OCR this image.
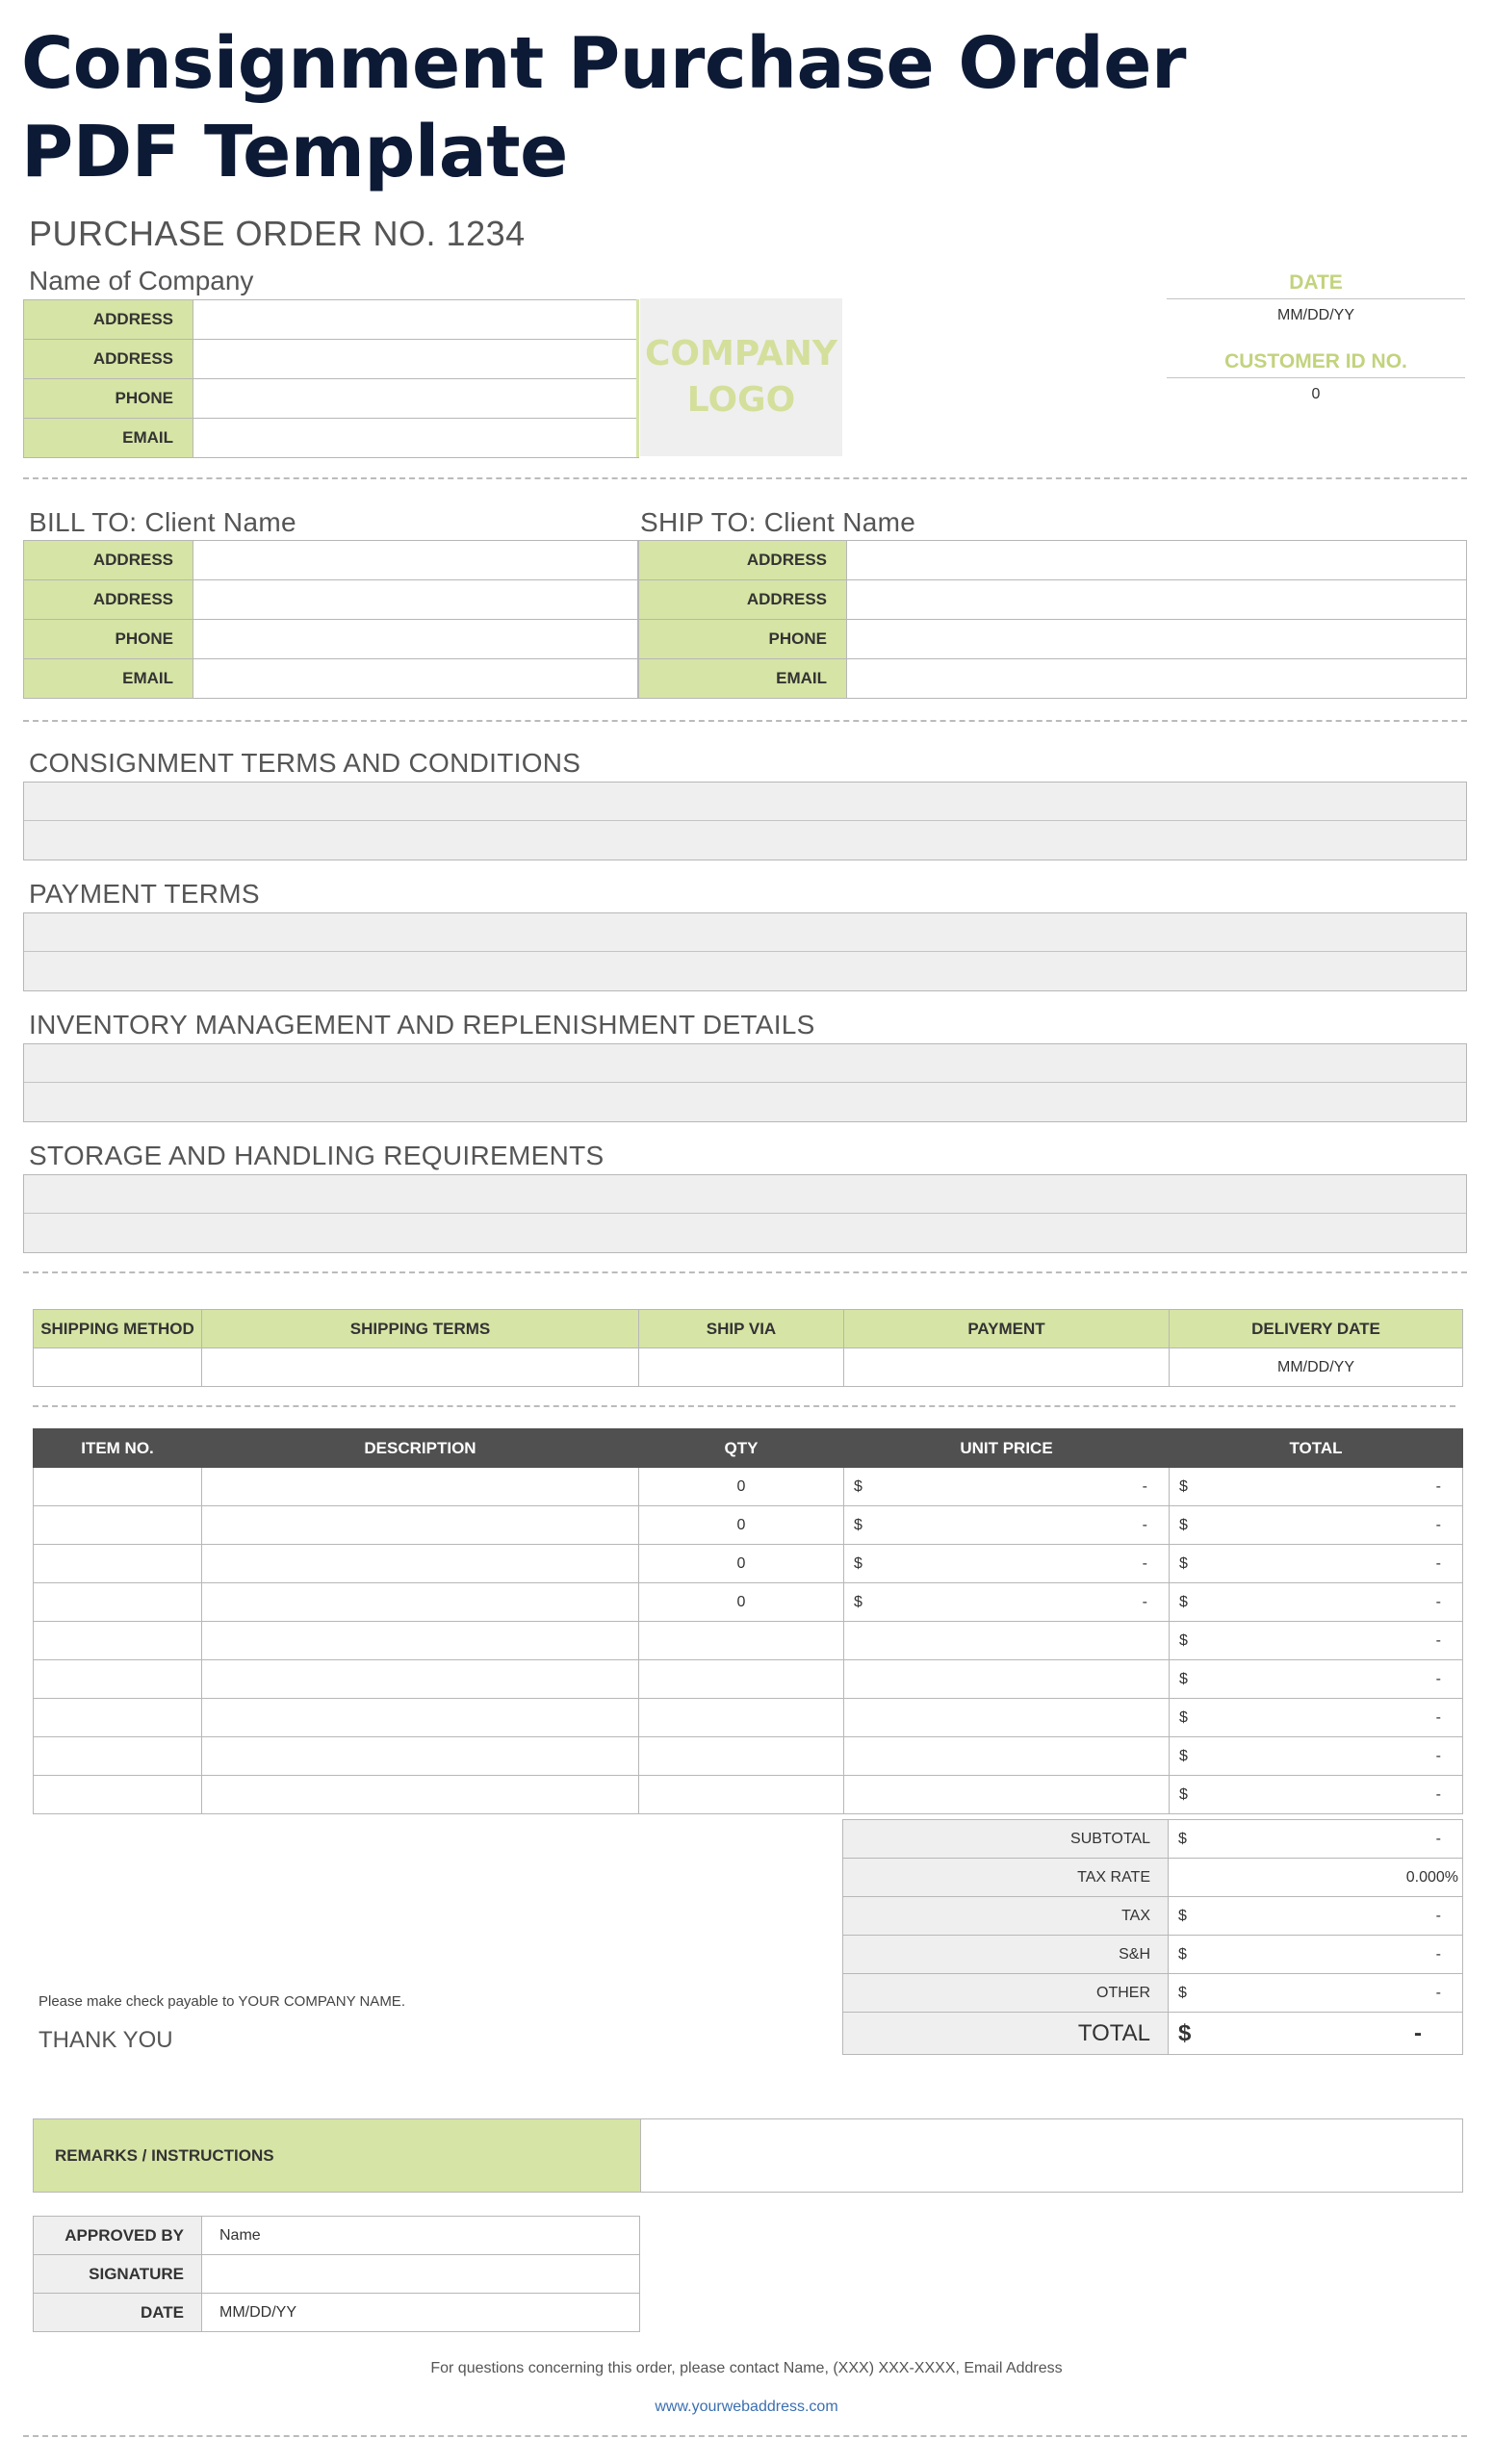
Consignment Purchase Order
PDF Template
PURCHASE ORDER NO. 1234
Name of Company
ADDRESS	
ADDRESS	
PHONE	
EMAIL	
COMPANY
LOGO
DATE
MM/DD/YY
CUSTOMER ID NO.
0
BILL TO: Client Name	SHIP TO: Client Name
ADDRESS	
ADDRESS	
PHONE	
EMAIL	
ADDRESS	
ADDRESS	
PHONE	
EMAIL	
CONSIGNMENT TERMS AND CONDITIONS
PAYMENT TERMS
INVENTORY MANAGEMENT AND REPLENISHMENT DETAILS
STORAGE AND HANDLING REQUIREMENTS
SHIPPING METHOD	SHIPPING TERMS	SHIP VIA	PAYMENT	DELIVERY DATE
				MM/DD/YY
ITEM NO.	DESCRIPTION	QTY	UNIT PRICE	TOTAL
		0	$ -	$ -

		0	$ -	$ -

		0	$ -	$ -

		0	$ -	$ -

				$ -

				$ -

				$ -

				$ -

				$ -
SUBTOTAL	$ -

TAX RATE	0.000%
TAX	$ -

S&H	$ -

OTHER	$ -

TOTAL	$ -
Please make check payable to YOUR COMPANY NAME.
THANK YOU
REMARKS / INSTRUCTIONS	
APPROVED BY	Name
SIGNATURE	
DATE	MM/DD/YY
For questions concerning this order, please contact Name, (XXX) XXX-XXXX, Email Address
www.yourwebaddress.com
